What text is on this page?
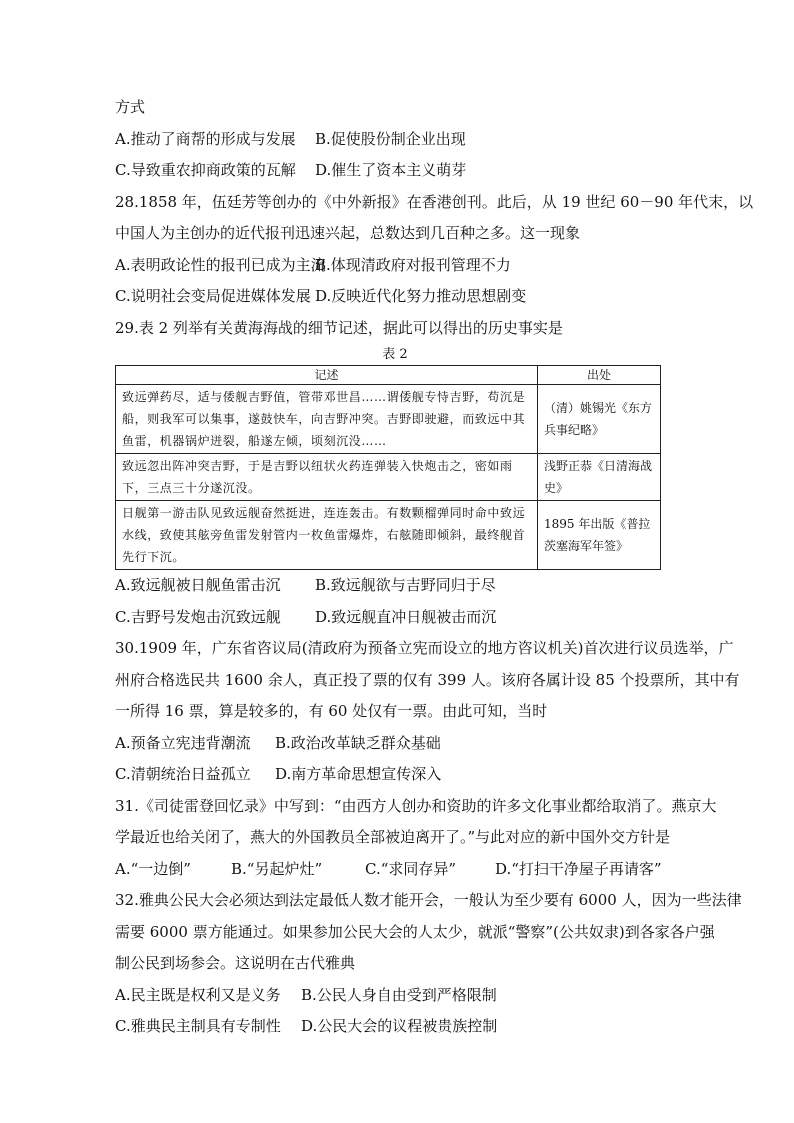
方式
A.推动了商帮的形成与发展	B.促使股份制企业出现
C.导致重农抑商政策的瓦解	D.催生了资本主义萌芽
28.1858 年，伍廷芳等创办的《中外新报》在香港创刊。此后，从 19 世纪 60－90 年代末，以
中国人为主创办的近代报刊迅速兴起，总数达到几百种之多。这一现象
A.表明政论性的报刊已成为主流
B.体现清政府对报刊管理不力
C.说明社会变局促进媒体发展 D.反映近代化努力推动思想剧变
29.表 2 列举有关黄海海战的细节记述，据此可以得出的历史事实是
表 2
记述	出处
致远弹药尽，适与倭舰吉野值，管带邓世昌……谓倭舰专恃吉野，苟沉是船，则我军可以集事，遂鼓快车，向吉野冲突。吉野即驶避，而致远中其鱼雷，机器锅炉迸裂，船遂左倾，顷刻沉没……	（清）姚锡光《东方兵事纪略》
致远忽出阵冲突吉野，于是吉野以纽状火药连弹装入快炮击之，密如雨下，三点三十分遂沉没。	浅野正恭《日清海战史》
日舰第一游击队见致远舰奋然挺进，连连轰击。有数颗榴弹同时命中致远水线，致使其舷旁鱼雷发射管内一枚鱼雷爆炸，右舷随即倾斜，最终舰首先行下沉。	1895 年出版《普拉茨塞海军年签》
A.致远舰被日舰鱼雷击沉	B.致远舰欲与吉野同归于尽
C.吉野号发炮击沉致远舰	D.致远舰直冲日舰被击而沉
30.1909 年，广东省咨议局(清政府为预备立宪而设立的地方咨议机关)首次进行议员选举，广
州府合格选民共 1600 余人，真正投了票的仅有 399 人。该府各属计设 85 个投票所，其中有
一所得 16 票，算是较多的，有 60 处仅有一票。由此可知，当时
A.预备立宪违背潮流	B.政治改革缺乏群众基础
C.清朝统治日益孤立	D.南方革命思想宣传深入
31.《司徒雷登回忆录》中写到：“由西方人创办和资助的许多文化事业都给取消了。燕京大
学最近也给关闭了，燕大的外国教员全部被迫离开了。”与此对应的新中国外交方针是
A.“一边倒”	B.“另起炉灶”	C.“求同存异”	D.“打扫干净屋子再请客”
32.雅典公民大会必须达到法定最低人数才能开会，一般认为至少要有 6000 人，因为一些法律
需要 6000 票方能通过。如果参加公民大会的人太少，就派“警察”(公共奴隶)到各家各户强
制公民到场参会。这说明在古代雅典
A.民主既是权利又是义务	B.公民人身自由受到严格限制
C.雅典民主制具有专制性	D.公民大会的议程被贵族控制
